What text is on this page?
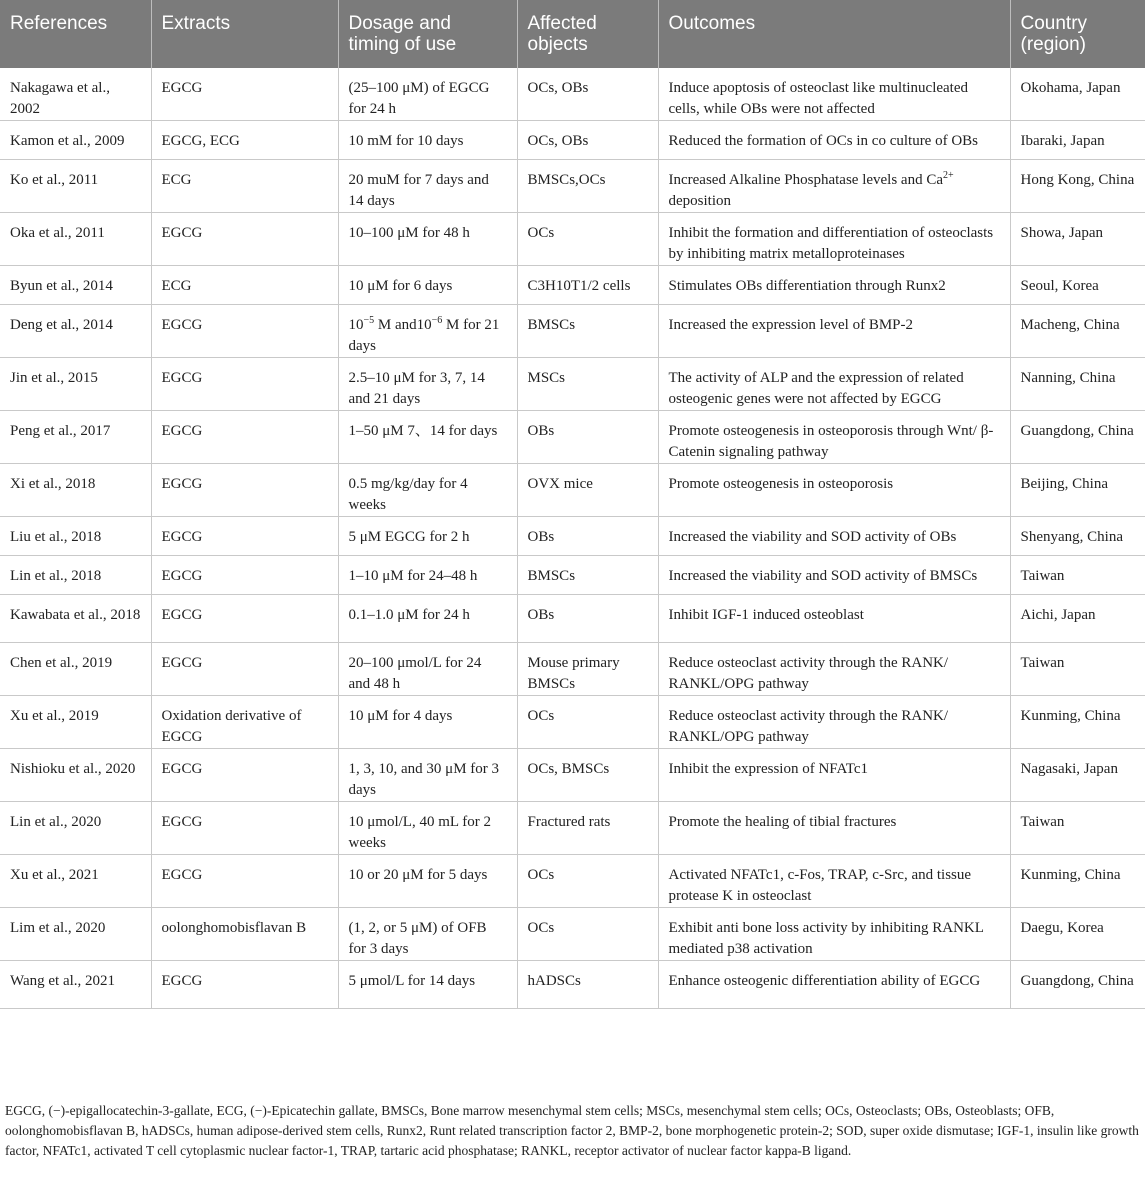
References	Extracts	Dosage and timing of use	Affected objects	Outcomes	Country (region)
Nakagawa et al., 2002	EGCG	(25–100 μM) of EGCG for 24 h	OCs, OBs	Induce apoptosis of osteoclast like multinucleated cells, while OBs were not affected	Okohama, Japan
Kamon et al., 2009	EGCG, ECG	10 mM for 10 days	OCs, OBs	Reduced the formation of OCs in co culture of OBs	Ibaraki, Japan
Ko et al., 2011	ECG	20 muM for 7 days and 14 days	BMSCs,OCs	Increased Alkaline Phosphatase levels and $Ca^{2+}$ deposition	Hong Kong, China
Oka et al., 2011	EGCG	10–100 μM for 48 h	OCs	Inhibit the formation and differentiation of osteoclasts by inhibiting matrix metalloproteinases	Showa, Japan
Byun et al., 2014	ECG	10 μM for 6 days	C3H10T1/2 cells	Stimulates OBs differentiation through Runx2	Seoul, Korea
Deng et al., 2014	EGCG	$10^{-5}$ M $and10^{-6}$ M for 21 days	BMSCs	Increased the expression level of BMP-2	Macheng, China
Jin et al., 2015	EGCG	2.5–10 μM for 3, 7, 14 and 21 days	MSCs	The activity of ALP and the expression of related osteogenic genes were not affected by EGCG	Nanning, China
Peng et al., 2017	EGCG	1–50 μM 7、14 for days	OBs	Promote osteogenesis in osteoporosis through Wnt/ β-Catenin signaling pathway	Guangdong, China
Xi et al., 2018	EGCG	0.5 mg/kg/day for 4 weeks	OVX mice	Promote osteogenesis in osteoporosis	Beijing, China
Liu et al., 2018	EGCG	5 μM EGCG for 2 h	OBs	Increased the viability and SOD activity of OBs	Shenyang, China
Lin et al., 2018	EGCG	1–10 μM for 24–48 h	BMSCs	Increased the viability and SOD activity of BMSCs	Taiwan
Kawabata et al., 2018	EGCG	0.1–1.0 μM for 24 h	OBs	Inhibit IGF-1 induced osteoblast	Aichi, Japan
Chen et al., 2019	EGCG	20–100 μmol/L for 24 and 48 h	Mouse primary BMSCs	Reduce osteoclast activity through the RANK/ RANKL/OPG pathway	Taiwan
Xu et al., 2019	Oxidation derivative of EGCG	10 μM for 4 days	OCs	Reduce osteoclast activity through the RANK/ RANKL/OPG pathway	Kunming, China
Nishioku et al., 2020	EGCG	1, 3, 10, and 30 μM for 3 days	OCs, BMSCs	Inhibit the expression of NFATc1	Nagasaki, Japan
Lin et al., 2020	EGCG	10 μmol/L, 40 mL for 2 weeks	Fractured rats	Promote the healing of tibial fractures	Taiwan
Xu et al., 2021	EGCG	10 or 20 μM for 5 days	OCs	Activated NFATc1, c-Fos, TRAP, c-Src, and tissue protease K in osteoclast	Kunming, China
Lim et al., 2020	oolonghomobisflavan B	(1, 2, or 5 μM) of OFB for 3 days	OCs	Exhibit anti bone loss activity by inhibiting RANKL mediated p38 activation	Daegu, Korea
Wang et al., 2021	EGCG	5 μmol/L for 14 days	hADSCs	Enhance osteogenic differentiation ability of EGCG	Guangdong, China
EGCG, (−)-epigallocatechin-3-gallate, ECG, (−)-Epicatechin gallate, BMSCs, Bone marrow mesenchymal stem cells; MSCs, mesenchymal stem cells; OCs, Osteoclasts; OBs, Osteoblasts; OFB, oolonghomobisflavan B, hADSCs, human adipose-derived stem cells, Runx2, Runt related transcription factor 2, BMP-2, bone morphogenetic protein-2; SOD, super oxide dismutase; IGF-1, insulin like growth factor, NFATc1, activated T cell cytoplasmic nuclear factor-1, TRAP, tartaric acid phosphatase; RANKL, receptor activator of nuclear factor kappa-B ligand.
